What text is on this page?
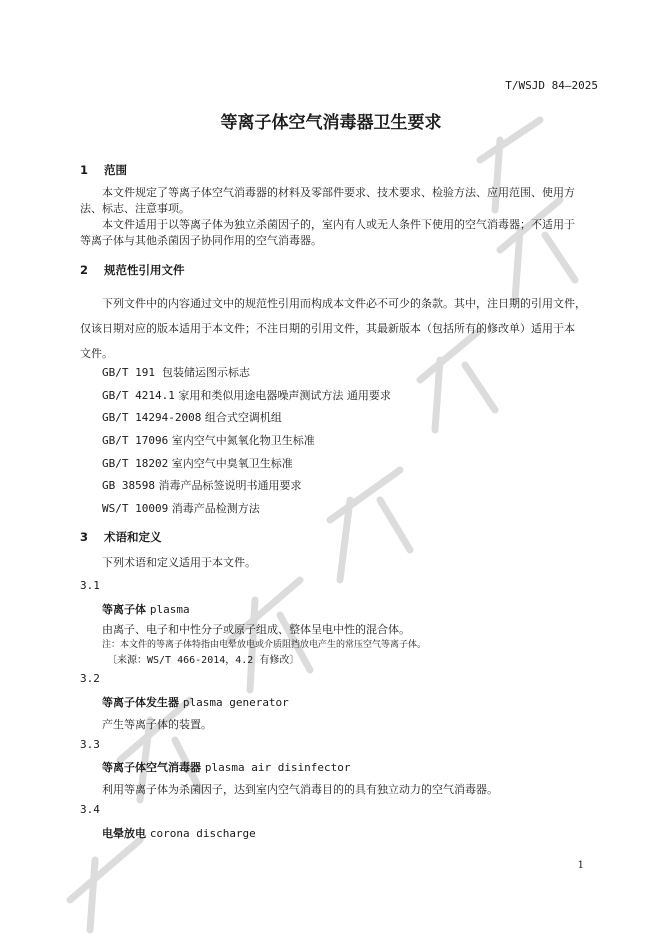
T/WSJD 84—2025
等离子体空气消毒器卫生要求
1 范围
本文件规定了等离子体空气消毒器的材料及零部件要求、技术要求、检验方法、应用范围、使用方
法、标志、注意事项。
本文件适用于以等离子体为独立杀菌因子的，室内有人或无人条件下使用的空气消毒器；不适用于
等离子体与其他杀菌因子协同作用的空气消毒器。
2 规范性引用文件
下列文件中的内容通过文中的规范性引用而构成本文件必不可少的条款。其中，注日期的引用文件，
仅该日期对应的版本适用于本文件；不注日期的引用文件，其最新版本（包括所有的修改单）适用于本
文件。
GB/T 191 包装储运图示标志
GB/T 4214.1 家用和类似用途电器噪声测试方法 通用要求
GB/T 14294-2008 组合式空调机组
GB/T 17096 室内空气中氮氧化物卫生标准
GB/T 18202 室内空气中臭氧卫生标准
GB 38598 消毒产品标签说明书通用要求
WS/T 10009 消毒产品检测方法
3 术语和定义
下列术语和定义适用于本文件。
3.1
等离子体 plasma
由离子、电子和中性分子或原子组成、整体呈电中性的混合体。
注：本文件的等离子体特指由电晕放电或介质阻挡放电产生的常压空气等离子体。
〔来源：WS/T 466-2014，4.2 有修改〕
3.2
等离子体发生器 plasma generator
产生等离子体的装置。
3.3
等离子体空气消毒器 plasma air disinfector
利用等离子体为杀菌因子，达到室内空气消毒目的的具有独立动力的空气消毒器。
3.4
电晕放电 corona discharge
1
